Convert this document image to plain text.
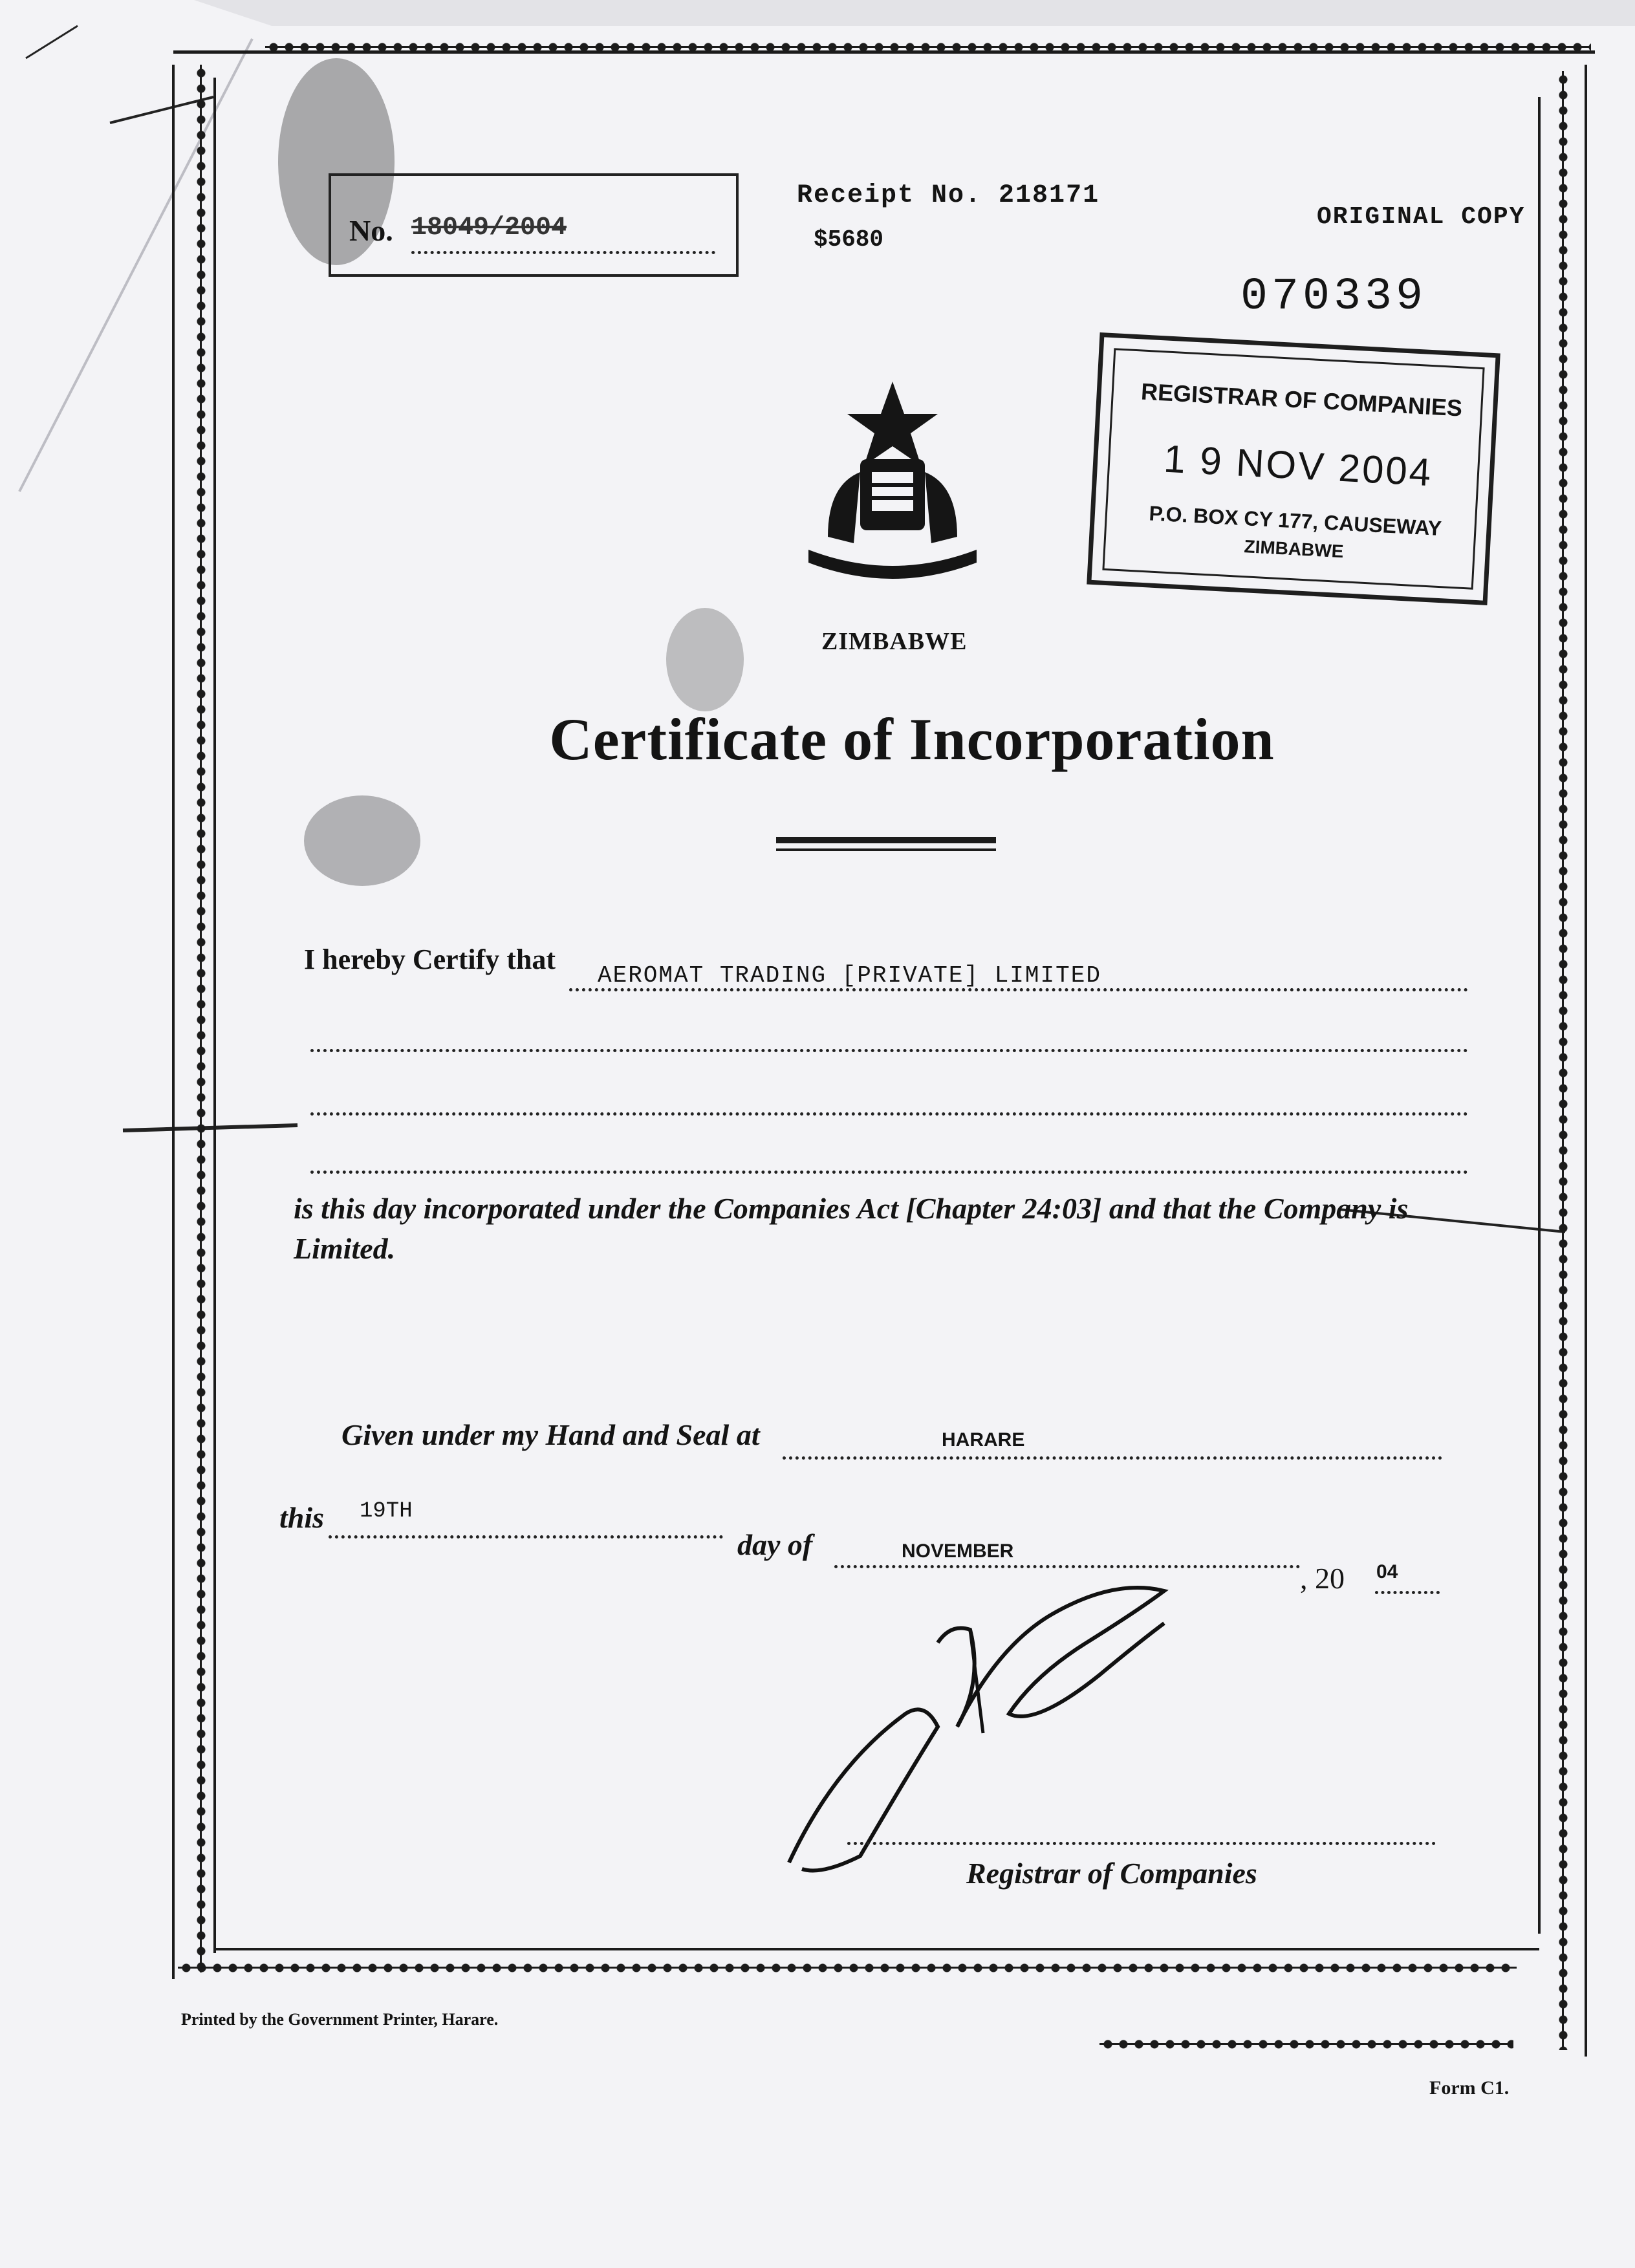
No. 18049/2004
Receipt No. 218171
$5680
ORIGINAL COPY
070339
REGISTRAR OF COMPANIES
1 9 NOV 2004
P.O. BOX CY 177, CAUSEWAY
ZIMBABWE
ZIMBABWE
Certificate of Incorporation
I hereby Certify that
AEROMAT TRADING [PRIVATE] LIMITED
is this day incorporated under the Companies Act [Chapter 24:03] and that the Company is Limited.
Given under my Hand and Seal at	HARARE
this 19TH
day of	NOVEMBER
, 20 04
Registrar of Companies
Printed by the Government Printer, Harare.
Form C1.
